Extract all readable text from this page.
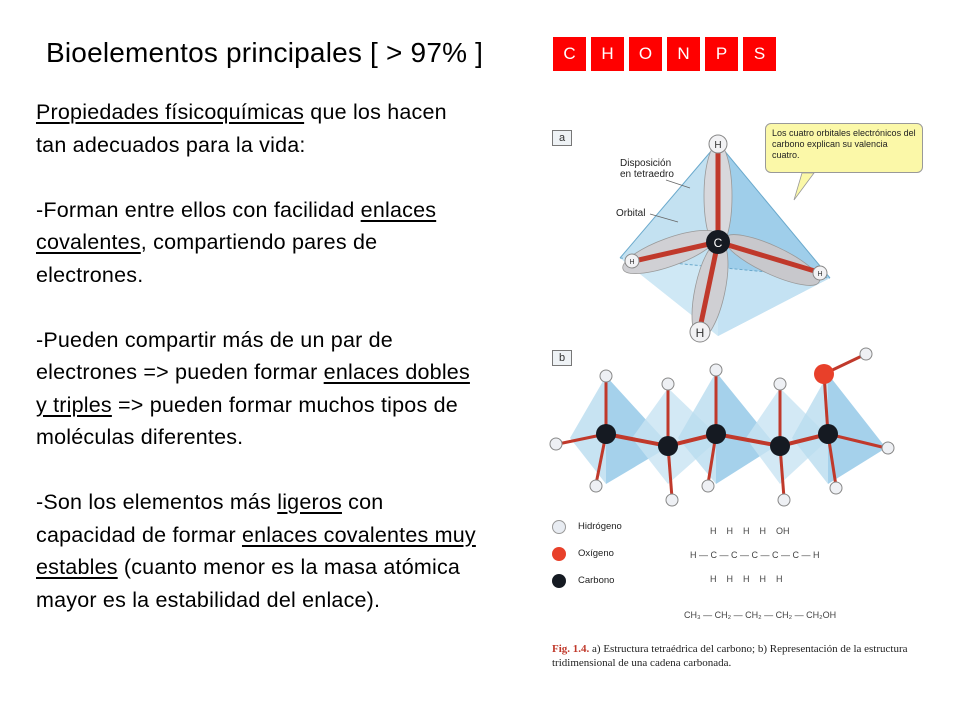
Bioelementos principales [ > 97% ]	C	H	O	N	P	S

Propiedades físicoquímicas que los hacen tan adecuados para la vida:

-Forman entre ellos con facilidad enlaces covalentes, compartiendo pares de electrones.

-Pueden compartir más de un par de electrones => pueden formar enlaces dobles y triples => pueden formar muchos tipos de moléculas diferentes.

-Son los elementos más ligeros con capacidad de formar enlaces covalentes muy estables (cuanto menor es la masa atómica mayor es la estabilidad del enlace).

C
H
H
H
H
a
b
Los cuatro orbitales electrónicos del carbono explican su valencia cuatro.
Disposición en tetraedro
Orbital
Hidrógeno
Oxígeno
Carbono
H    H    H    H    OH
H — C — C — C — C — C — H
H    H    H    H    H
CH₃ — CH₂ — CH₂ — CH₂ — CH₂OH
Fig. 1.4. a) Estructura tetraédrica del carbono; b) Representación de la estructura tridimensional de una cadena carbonada.
